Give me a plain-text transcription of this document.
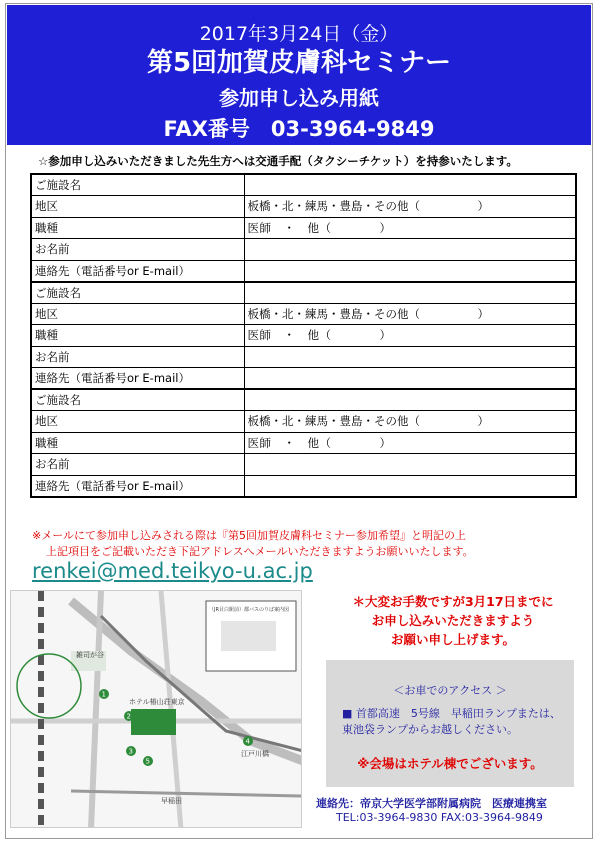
2017年3月24日（金）
第5回加賀皮膚科セミナー
参加申し込み用紙
FAX番号　03-3964-9849
☆参加申し込みいただきました先生方へは交通手配（タクシーチケット）を持参いたします。
ご施設名	
地区	板橋・北・練馬・豊島・その他（　　　　　）
職種	医師　・　他（　　　　）
お名前	
連絡先（電話番号or E-mail）	
ご施設名	
地区	板橋・北・練馬・豊島・その他（　　　　　）
職種	医師　・　他（　　　　）
お名前	
連絡先（電話番号or E-mail）	
ご施設名	
地区	板橋・北・練馬・豊島・その他（　　　　　）
職種	医師　・　他（　　　　）
お名前	
連絡先（電話番号or E-mail）	
※メールにて参加申し込みされる際は『第5回加賀皮膚科セミナー参加希望』と明記の上
上記項目をご記載いただき下記アドレスへメールいただきますようお願いいたします。
renkei@med.teikyo-u.ac.jp
1
2
3
4
5
ホテル椿山荘東京
雑司が谷
江戸川橋
早稲田
（JR目白駅前）都バスのりば案内図
＊大変お手数ですが3月17日までに
お申し込みいただきますよう
お願い申し上げます。
＜お車でのアクセス ＞
■ 首都高速　5号線　早稲田ランプまたは、東池袋ランプからお越しください。
※会場はホテル棟でございます。
連絡先：帝京大学医学部附属病院　医療連携室
TEL:03-3964-9830 FAX:03-3964-9849
